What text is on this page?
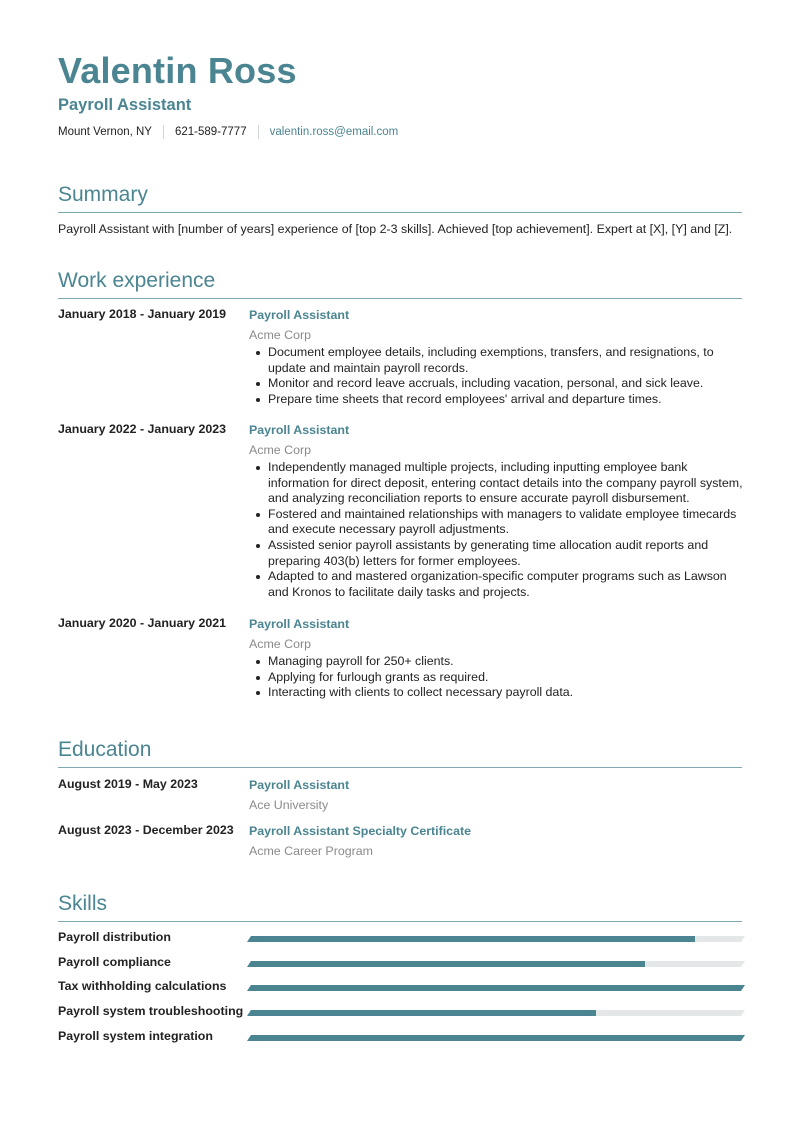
Valentin Ross
Payroll Assistant
Mount Vernon, NY 621-589-7777 valentin.ross@email.com
Summary
Payroll Assistant with [number of years] experience of [top 2-3 skills]. Achieved [top achievement]. Expert at [X], [Y] and [Z].
Work experience
January 2018 - January 2019	Payroll Assistant
Acme Corp
Document employee details, including exemptions, transfers, and resignations, to update and maintain payroll records.
Monitor and record leave accruals, including vacation, personal, and sick leave.
Prepare time sheets that record employees' arrival and departure times.
January 2022 - January 2023	Payroll Assistant
Acme Corp
Independently managed multiple projects, including inputting employee bank information for direct deposit, entering contact details into the company payroll system, and analyzing reconciliation reports to ensure accurate payroll disbursement.
Fostered and maintained relationships with managers to validate employee timecards and execute necessary payroll adjustments.
Assisted senior payroll assistants by generating time allocation audit reports and preparing 403(b) letters for former employees.
Adapted to and mastered organization-specific computer programs such as Lawson and Kronos to facilitate daily tasks and projects.
January 2020 - January 2021	Payroll Assistant
Acme Corp
Managing payroll for 250+ clients.
Applying for furlough grants as required.
Interacting with clients to collect necessary payroll data.
Education
August 2019 - May 2023	Payroll Assistant
Ace University
August 2023 - December 2023	Payroll Assistant Specialty Certificate
Acme Career Program
Skills
Payroll distribution
Payroll compliance
Tax withholding calculations
Payroll system troubleshooting
Payroll system integration
